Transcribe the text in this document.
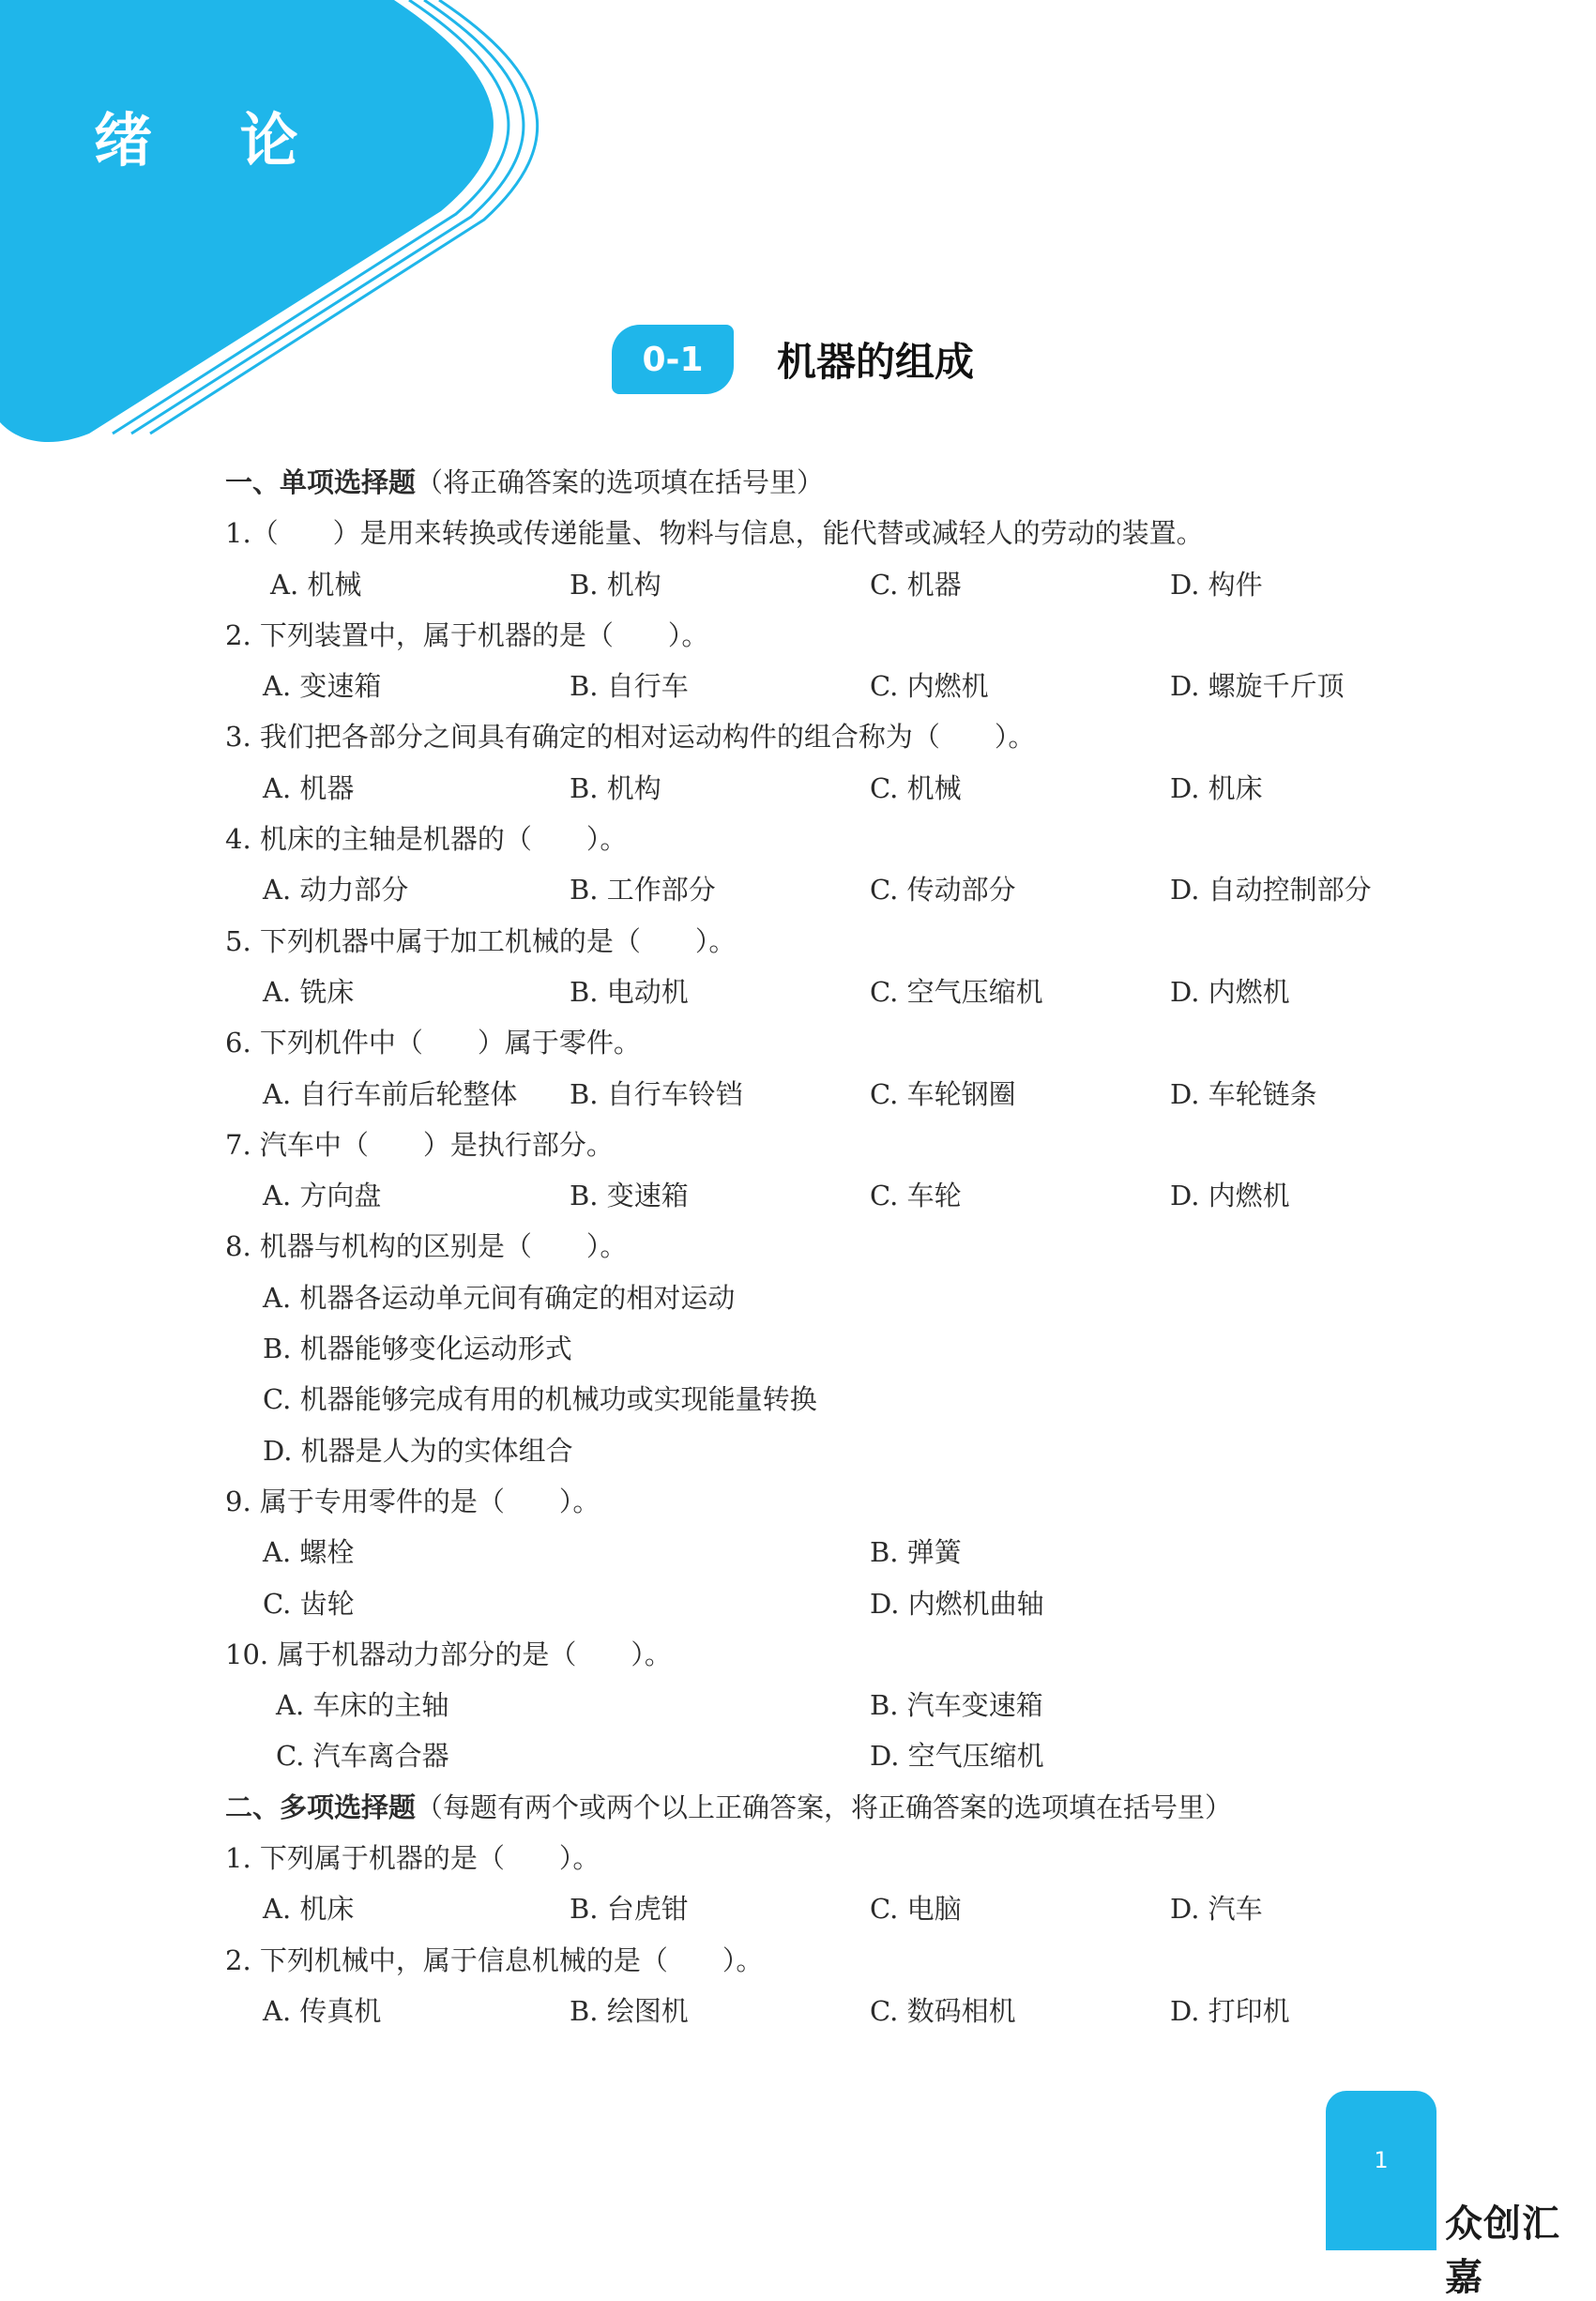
绪 论
0-1	机器的组成
一、单项选择题（将正确答案的选项填在括号里）
1.（ ）是用来转换或传递能量、物料与信息，能代替或减轻人的劳动的装置。
A. 机械	B. 机构	C. 机器	D. 构件
2. 下列装置中，属于机器的是（ ）。
A. 变速箱	B. 自行车	C. 内燃机	D. 螺旋千斤顶
3. 我们把各部分之间具有确定的相对运动构件的组合称为（ ）。
A. 机器	B. 机构	C. 机械	D. 机床
4. 机床的主轴是机器的（ ）。
A. 动力部分	B. 工作部分	C. 传动部分	D. 自动控制部分
5. 下列机器中属于加工机械的是（ ）。
A. 铣床	B. 电动机	C. 空气压缩机	D. 内燃机
6. 下列机件中（ ）属于零件。
A. 自行车前后轮整体 B. 自行车铃铛	C. 车轮钢圈	D. 车轮链条
7. 汽车中（ ）是执行部分。
A. 方向盘	B. 变速箱	C. 车轮	D. 内燃机
8. 机器与机构的区别是（ ）。
A. 机器各运动单元间有确定的相对运动
B. 机器能够变化运动形式
C. 机器能够完成有用的机械功或实现能量转换
D. 机器是人为的实体组合
9. 属于专用零件的是（ ）。
A. 螺栓	B. 弹簧
C. 齿轮	D. 内燃机曲轴
10. 属于机器动力部分的是（ ）。
A. 车床的主轴	B. 汽车变速箱
C. 汽车离合器	D. 空气压缩机
二、多项选择题（每题有两个或两个以上正确答案，将正确答案的选项填在括号里）
1. 下列属于机器的是（ ）。
A. 机床	B. 台虎钳	C. 电脑	D. 汽车
2. 下列机械中，属于信息机械的是（ ）。
A. 传真机	B. 绘图机	C. 数码相机	D. 打印机
1
众创汇嘉
